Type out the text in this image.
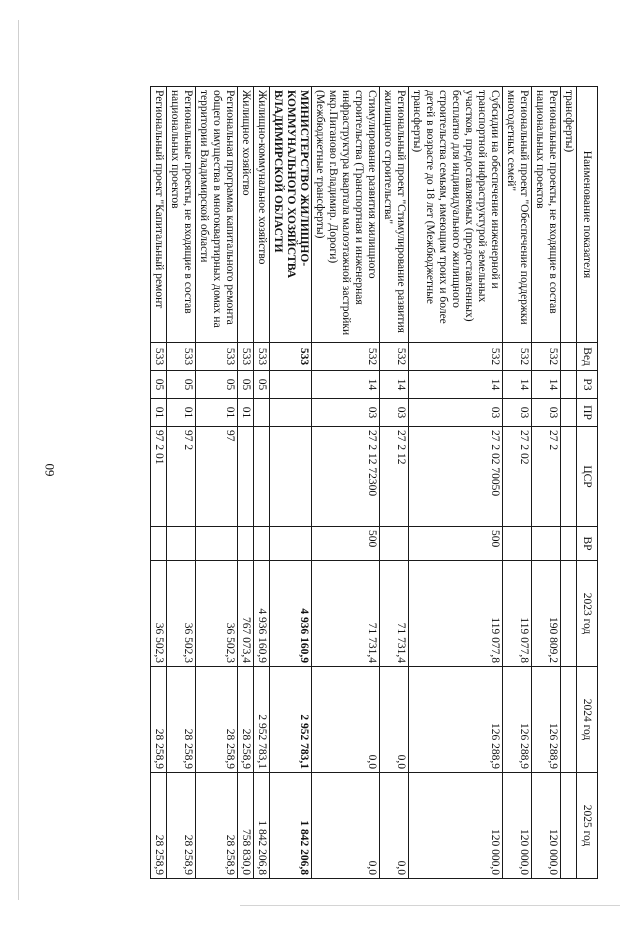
60
Наименование показателя	Вед	РЗ	ПР	ЦСР	ВР	2023 год	2024 год	2025 год
трансферты)								
Региональные проекты, не входящие в состав национальных проектов	532	14	03	27 2		190 809,2	126 288,9	120 000,0
Региональный проект "Обеспечение поддержки многодетных семей"	532	14	03	27 2 02		119 077,8	126 288,9	120 000,0
Субсидии на обеспечение инженерной и транспортной инфраструктурой земельных участков, предоставляемых (предоставленных) бесплатно для индивидуального жилищного строительства семьям, имеющим троих и более детей в возрасте до 18 лет (Межбюджетные трансферты)	532	14	03	27 2 02 70050	500	119 077,8	126 288,9	120 000,0
Региональный проект "Стимулирование развития жилищного строительства"	532	14	03	27 2 12		71 731,4	0,0	0,0
Стимулирование развития жилищного строительства (Транспортная и инженерная инфраструктура квартала малоэтажной застройки мкр.Пиганово г.Владимир. Дороги) (Межбюджетные трансферты)	532	14	03	27 2 12 72300	500	71 731,4	0,0	0,0
МИНИСТЕРСТВО ЖИЛИЩНО-КОММУНАЛЬНОГО ХОЗЯЙСТВА ВЛАДИМИРСКОЙ ОБЛАСТИ	533					4 936 160,9	2 952 783,1	1 842 206,8
Жилищно-коммунальное хозяйство	533	05				4 936 160,9	2 952 783,1	1 842 206,8
Жилищное хозяйство	533	05	01			767 073,4	28 258,9	758 830,0
Региональная программа капитального ремонта общего имущества в многоквартирных домах на территории Владимирской области	533	05	01	97		36 502,3	28 258,9	28 258,9
Региональные проекты, не входящие в состав национальных проектов	533	05	01	97 2		36 502,3	28 258,9	28 258,9
Региональный проект "Капитальный ремонт	533	05	01	97 2 01		36 502,3	28 258,9	28 258,9
